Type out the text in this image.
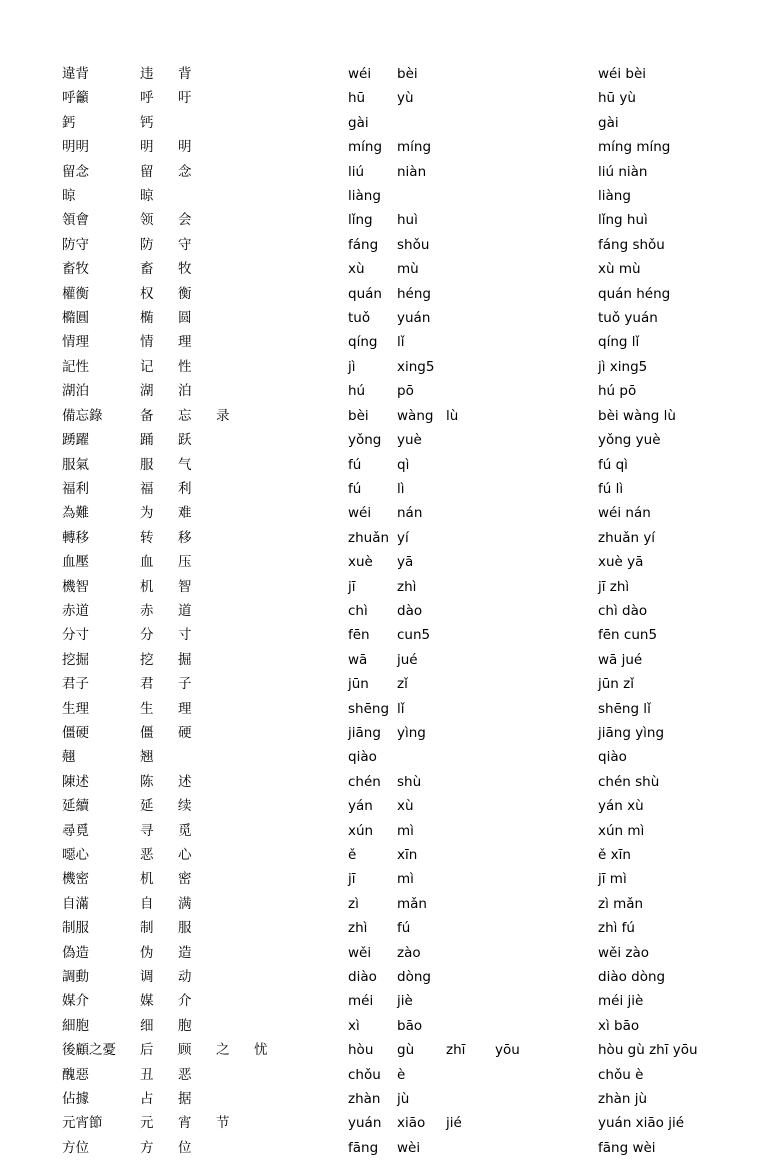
違背	违	背				wéi	bèi				wéi bèi
呼籲	呼	吁				hū	yù				hū yù
鈣	钙					gài					gài
明明	明	明				míng	míng				míng míng
留念	留	念				liú	niàn				liú niàn
晾	晾					liàng					liàng
領會	领	会				lǐng	huì				lǐng huì
防守	防	守				fáng	shǒu				fáng shǒu
畜牧	畜	牧				xù	mù				xù mù
權衡	权	衡				quán	héng				quán héng
橢圓	椭	圆				tuǒ	yuán				tuǒ yuán
情理	情	理				qíng	lǐ				qíng lǐ
記性	记	性				jì	xing5				jì xing5
湖泊	湖	泊				hú	pō				hú pō
備忘錄	备	忘	录			bèi	wàng	lù			bèi wàng lù
踴躍	踊	跃				yǒng	yuè				yǒng yuè
服氣	服	气				fú	qì				fú qì
福利	福	利				fú	lì				fú lì
為難	为	难				wéi	nán				wéi nán
轉移	转	移				zhuǎn	yí				zhuǎn yí
血壓	血	压				xuè	yā				xuè yā
機智	机	智				jī	zhì				jī zhì
赤道	赤	道				chì	dào				chì dào
分寸	分	寸				fēn	cun5				fēn cun5
挖掘	挖	掘				wā	jué				wā jué
君子	君	子				jūn	zǐ				jūn zǐ
生理	生	理				shēng	lǐ				shēng lǐ
僵硬	僵	硬				jiāng	yìng				jiāng yìng
翹	翘					qiào					qiào
陳述	陈	述				chén	shù				chén shù
延續	延	续				yán	xù				yán xù
尋覓	寻	觅				xún	mì				xún mì
噁心	恶	心				ě	xīn				ě xīn
機密	机	密				jī	mì				jī mì
自滿	自	满				zì	mǎn				zì mǎn
制服	制	服				zhì	fú				zhì fú
偽造	伪	造				wěi	zào				wěi zào
調動	调	动				diào	dòng				diào dòng
媒介	媒	介				méi	jiè				méi jiè
細胞	细	胞				xì	bāo				xì bāo
後顧之憂	后	顾	之	忧		hòu	gù	zhī	yōu		hòu gù zhī yōu
醜惡	丑	恶				chǒu	è				chǒu è
佔據	占	据				zhàn	jù				zhàn jù
元宵節	元	宵	节			yuán	xiāo	jié			yuán xiāo jié
方位	方	位				fāng	wèi				fāng wèi
